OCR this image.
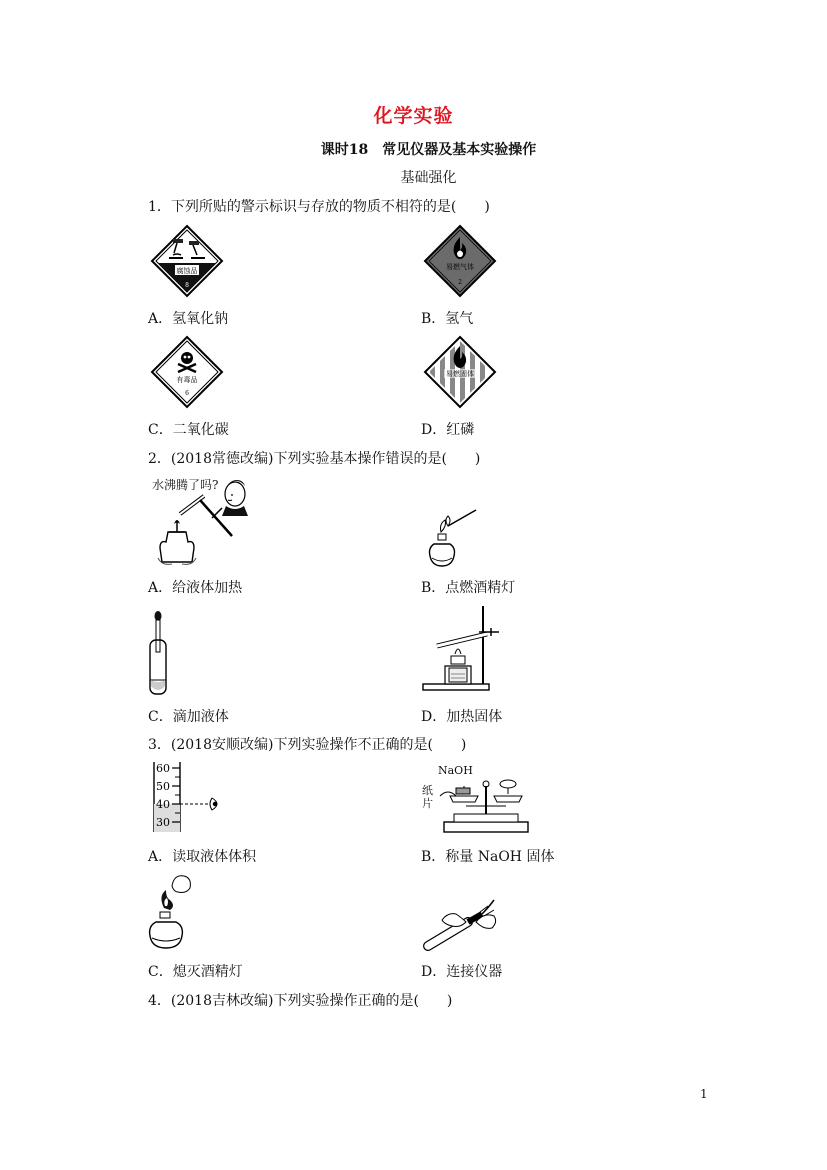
化学实验
课时18　常见仪器及基本实验操作
基础强化
1．下列所贴的警示标识与存放的物质不相符的是(　　)
腐蚀品
8
A．氢氧化钠
易燃气体
2
B．氢气
有毒品
6
C．二氧化碳
易燃固体
D．红磷
2．(2018常德改编)下列实验基本操作错误的是(　　)
水沸腾了吗?
A．给液体加热	B．点燃酒精灯
C．滴加液体	D．加热固体
3．(2018安顺改编)下列实验操作不正确的是(　　)
60
50
40
30
A．读取液体体积
NaOH
纸片
B．称量 NaOH 固体
C．熄灭酒精灯	D．连接仪器
4．(2018吉林改编)下列实验操作正确的是(　　)
1
